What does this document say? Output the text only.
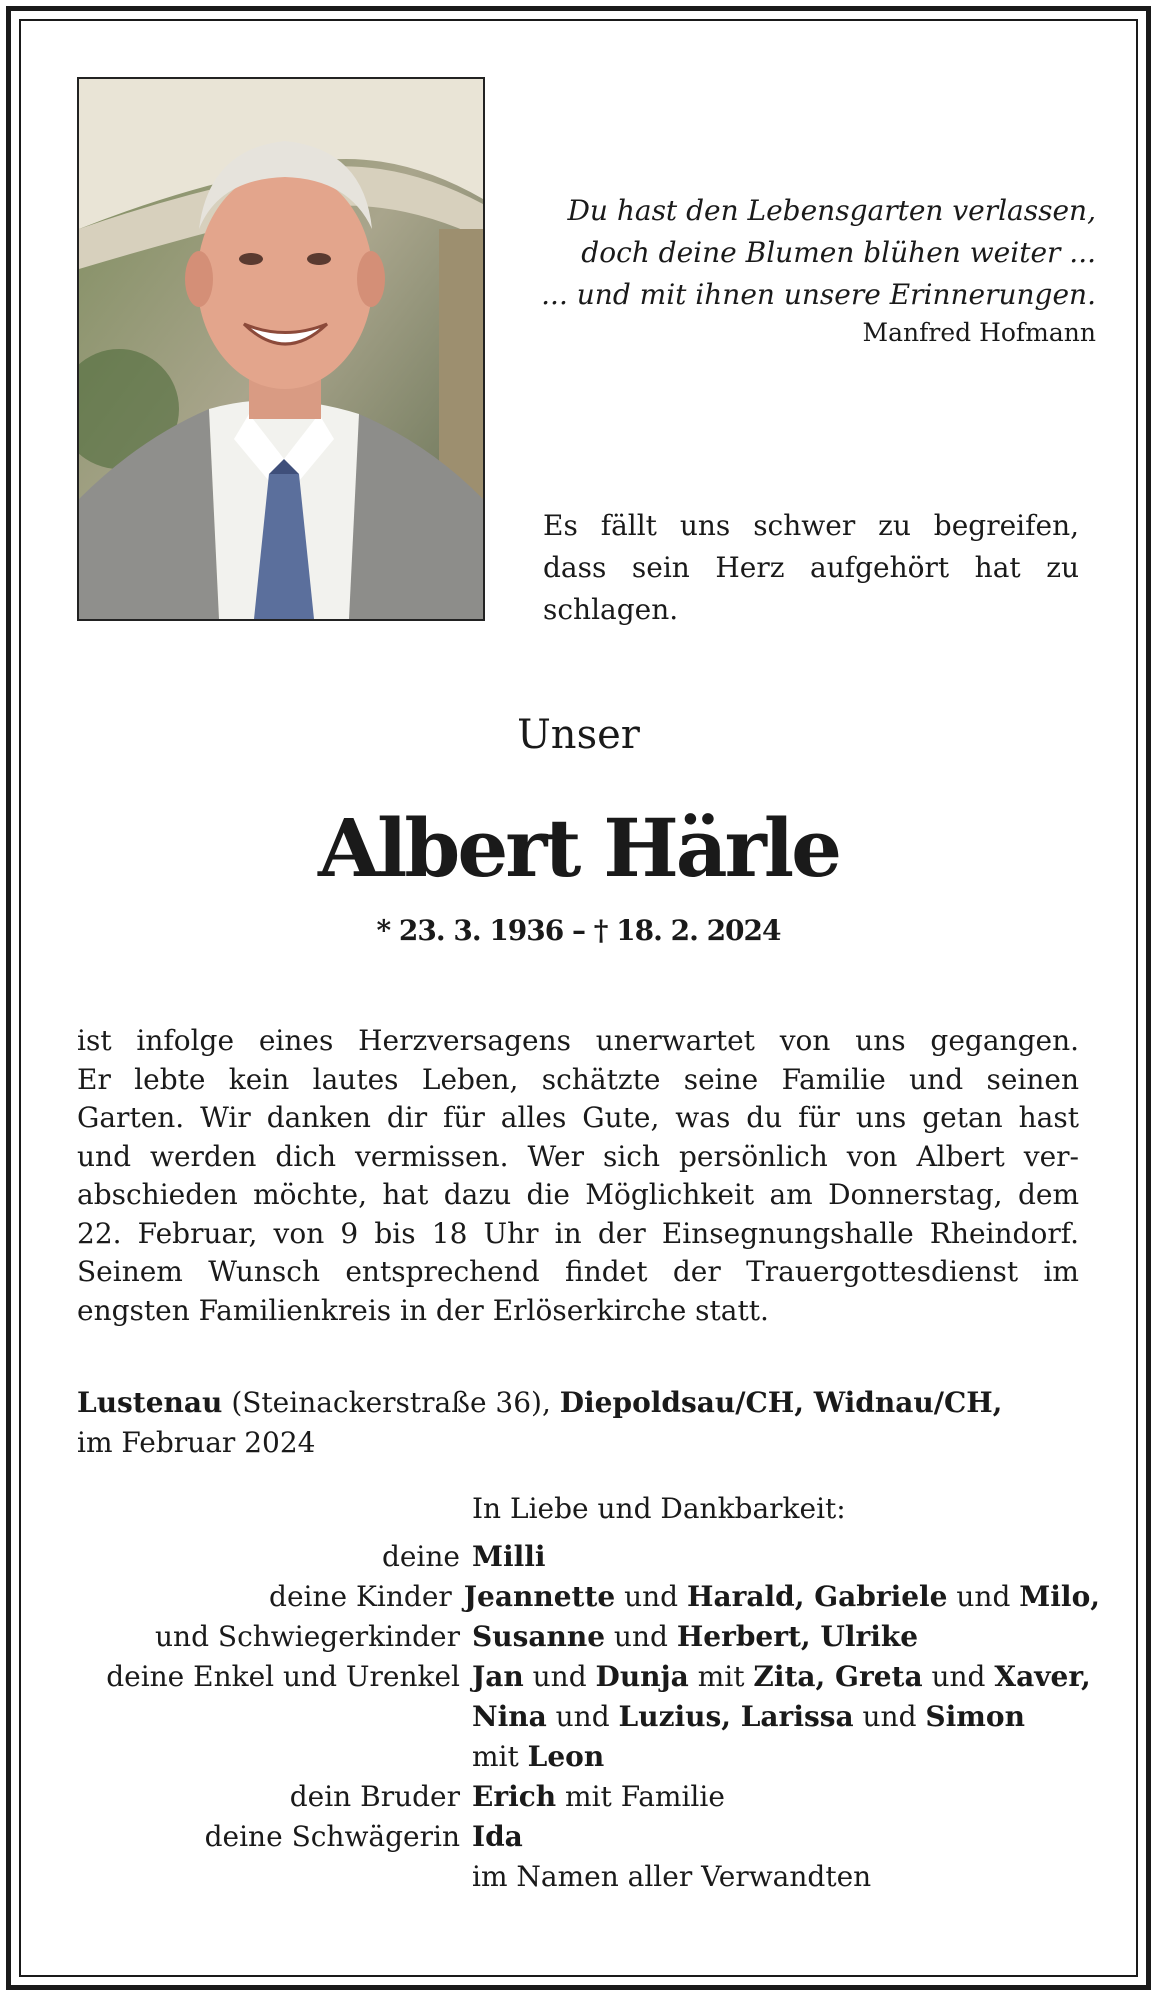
Du hast den Lebensgarten verlassen,
doch deine Blumen blühen weiter ...
... und mit ihnen unsere Erinnerungen.
Manfred Hofmann
Es fällt uns schwer zu begreifen, dass sein Herz aufgehört hat zu schlagen.
Unser
Albert Härle
* 23. 3. 1936 – † 18. 2. 2024
ist infolge eines Herzversagens unerwartet von uns gegangen.
Er lebte kein lautes Leben, schätzte seine Familie und seinen
Garten. Wir danken dir für alles Gute, was du für uns getan hast
und werden dich vermissen. Wer sich persönlich von Albert ver-
abschieden möchte, hat dazu die Möglichkeit am Donnerstag, dem
22. Februar, von 9 bis 18 Uhr in der Einsegnungshalle Rheindorf.
Seinem Wunsch entsprechend findet der Trauergottesdienst im
engsten Familienkreis in der Erlöserkirche statt.
Lustenau (Steinackerstraße 36), Diepoldsau/CH, Widnau/CH,
im Februar 2024
In Liebe und Dankbarkeit:
deine Milli
deine Kinder Jeannette und Harald, Gabriele und Milo,
und Schwiegerkinder Susanne und Herbert, Ulrike
deine Enkel und Urenkel Jan und Dunja mit Zita, Greta und Xaver,
Nina und Luzius, Larissa und Simon
mit Leon
dein Bruder Erich mit Familie
deine Schwägerin Ida
im Namen aller Verwandten
